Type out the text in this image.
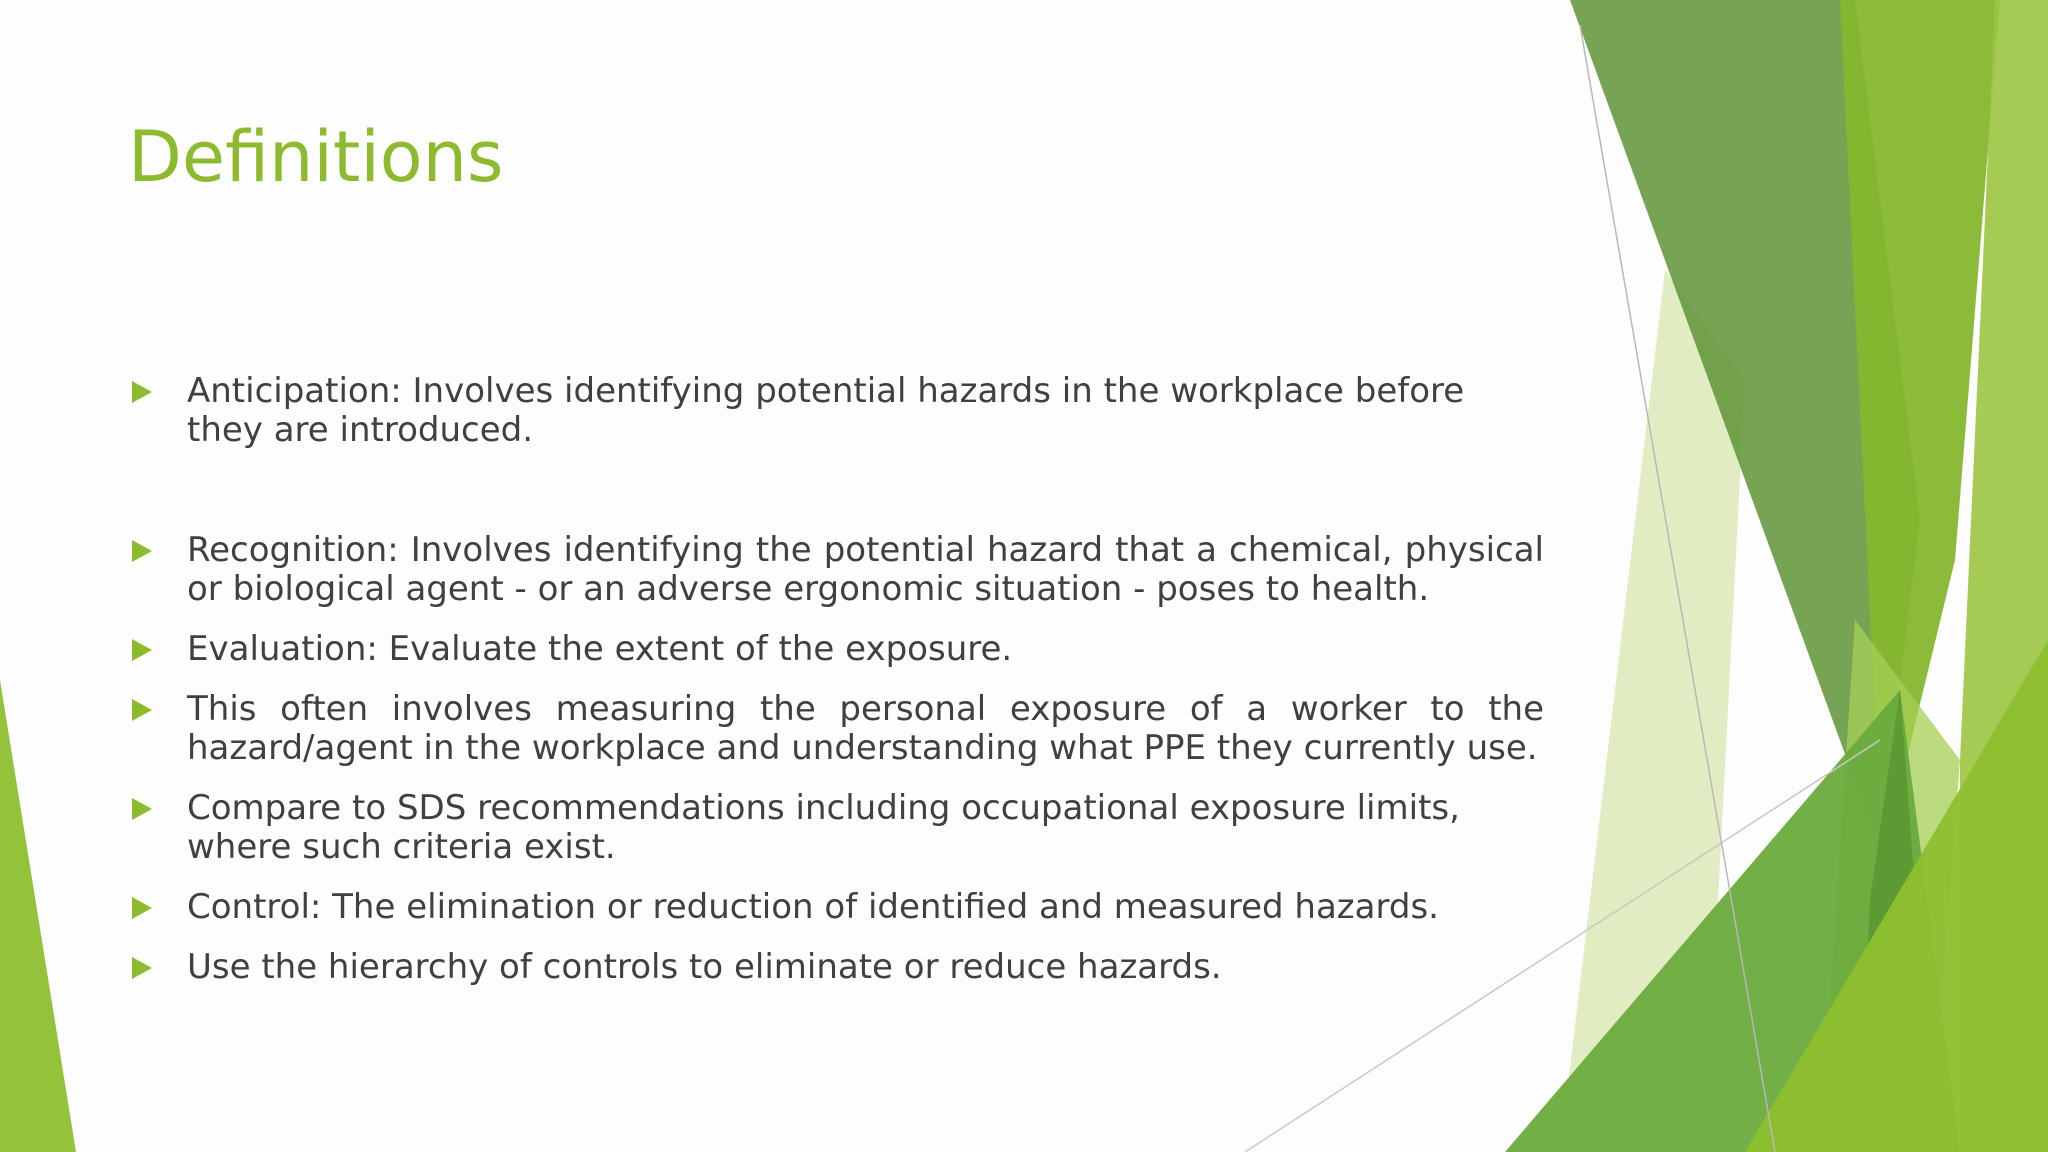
Definitions
Anticipation: Involves identifying potential hazards in the workplace before they are introduced.
Recognition: Involves identifying the potential hazard that a chemical, physical or biological agent - or an adverse ergonomic situation - poses to health.
Evaluation: Evaluate the extent of the exposure.
This often involves measuring the personal exposure of a worker to the hazard/agent in the workplace and understanding what PPE they currently use.
Compare to SDS recommendations including occupational exposure limits, where such criteria exist.
Control: The elimination or reduction of identified and measured hazards.
Use the hierarchy of controls to eliminate or reduce hazards.
